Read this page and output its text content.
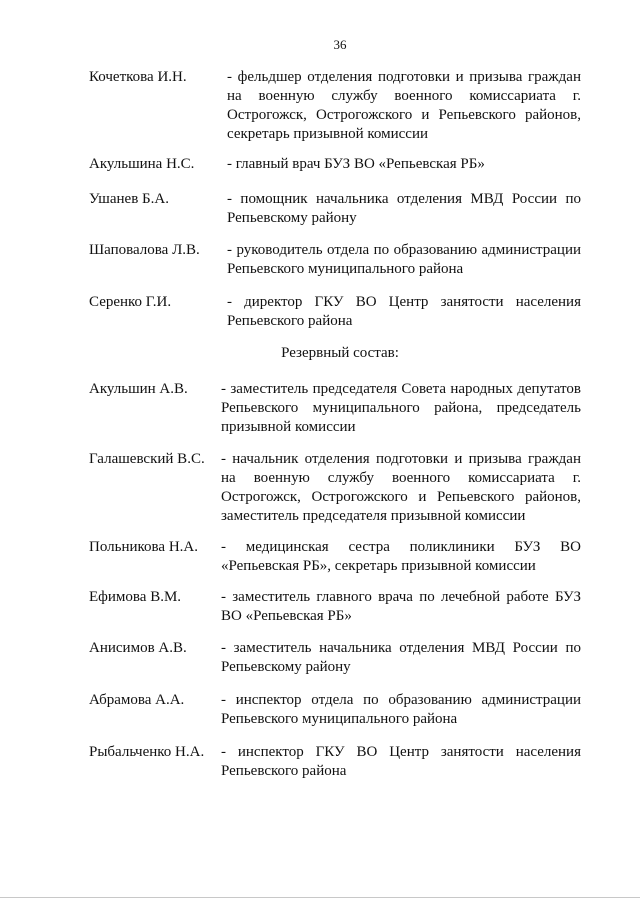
36
Кочеткова И.Н.	- фельдшер отделения подготовки и призыва граждан на военную службу военного комиссариата г. Острогожск, Острогожского и Репьевского районов, секретарь призывной комиссии
Акульшина Н.С. - главный врач БУЗ ВО «Репьевская РБ»
Ушанев Б.А.	- помощник начальника отделения МВД России по Репьевскому району
Шаповалова Л.В. - руководитель отдела по образованию администрации Репьевского муниципального района
Серенко Г.И.	- директор ГКУ ВО Центр занятости населения Репьевского района
Резервный состав:
Акульшин А.В. - заместитель председателя Совета народных депутатов Репьевского муниципального района, председатель призывной комиссии
Галашевский В.С. - начальник отделения подготовки и призыва граждан на военную службу военного комиссариата г. Острогожск, Острогожского и Репьевского районов, заместитель председателя призывной комиссии
Польникова Н.А. - медицинская сестра поликлиники БУЗ ВО «Репьевская РБ», секретарь призывной комиссии
Ефимова В.М.	- заместитель главного врача по лечебной работе БУЗ ВО «Репьевская РБ»
Анисимов А.В. - заместитель начальника отделения МВД России по Репьевскому району
Абрамова А.А. - инспектор отдела по образованию администрации Репьевского муниципального района
Рыбальченко Н.А. - инспектор ГКУ ВО Центр занятости населения Репьевского района
